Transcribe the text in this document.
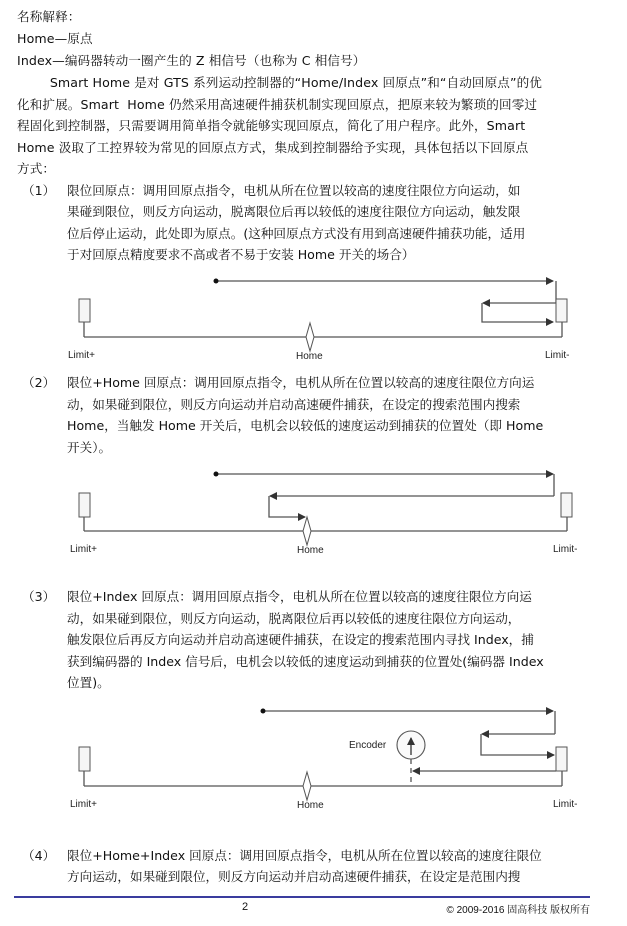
名称解释：
Home—原点
Index—编码器转动一圈产生的 Z 相信号（也称为 C 相信号）
Smart Home 是对 GTS 系列运动控制器的“Home/Index 回原点”和“自动回原点”的优
化和扩展。Smart  Home 仍然采用高速硬件捕获机制实现回原点，把原来较为繁琐的回零过
程固化到控制器，只需要调用简单指令就能够实现回原点，简化了用户程序。此外，Smart
Home 汲取了工控界较为常见的回原点方式，集成到控制器给予实现，具体包括以下回原点
方式：
（1） 限位回原点：调用回原点指令，电机从所在位置以较高的速度往限位方向运动，如
果碰到限位，则反方向运动，脱离限位后再以较低的速度往限位方向运动，触发限
位后停止运动，此处即为原点。(这种回原点方式没有用到高速硬件捕获功能，适用
于对回原点精度要求不高或者不易于安装 Home 开关的场合）
Limit+	Home	Limit-
（2） 限位+Home 回原点：调用回原点指令，电机从所在位置以较高的速度往限位方向运
动，如果碰到限位，则反方向运动并启动高速硬件捕获，在设定的搜索范围内搜索
Home，当触发 Home 开关后，电机会以较低的速度运动到捕获的位置处（即 Home
开关）。
Limit+	Home	Limit-
（3） 限位+Index 回原点：调用回原点指令，电机从所在位置以较高的速度往限位方向运
动，如果碰到限位，则反方向运动，脱离限位后再以较低的速度往限位方向运动，
触发限位后再反方向运动并启动高速硬件捕获，在设定的搜索范围内寻找 Index，捕
获到编码器的 Index 信号后，电机会以较低的速度运动到捕获的位置处(编码器 Index
位置)。
Encoder
Limit+	Home	Limit-
（4） 限位+Home+Index 回原点：调用回原点指令，电机从所在位置以较高的速度往限位
方向运动，如果碰到限位，则反方向运动并启动高速硬件捕获，在设定是范围内搜
2	© 2009-2016 固高科技 版权所有
